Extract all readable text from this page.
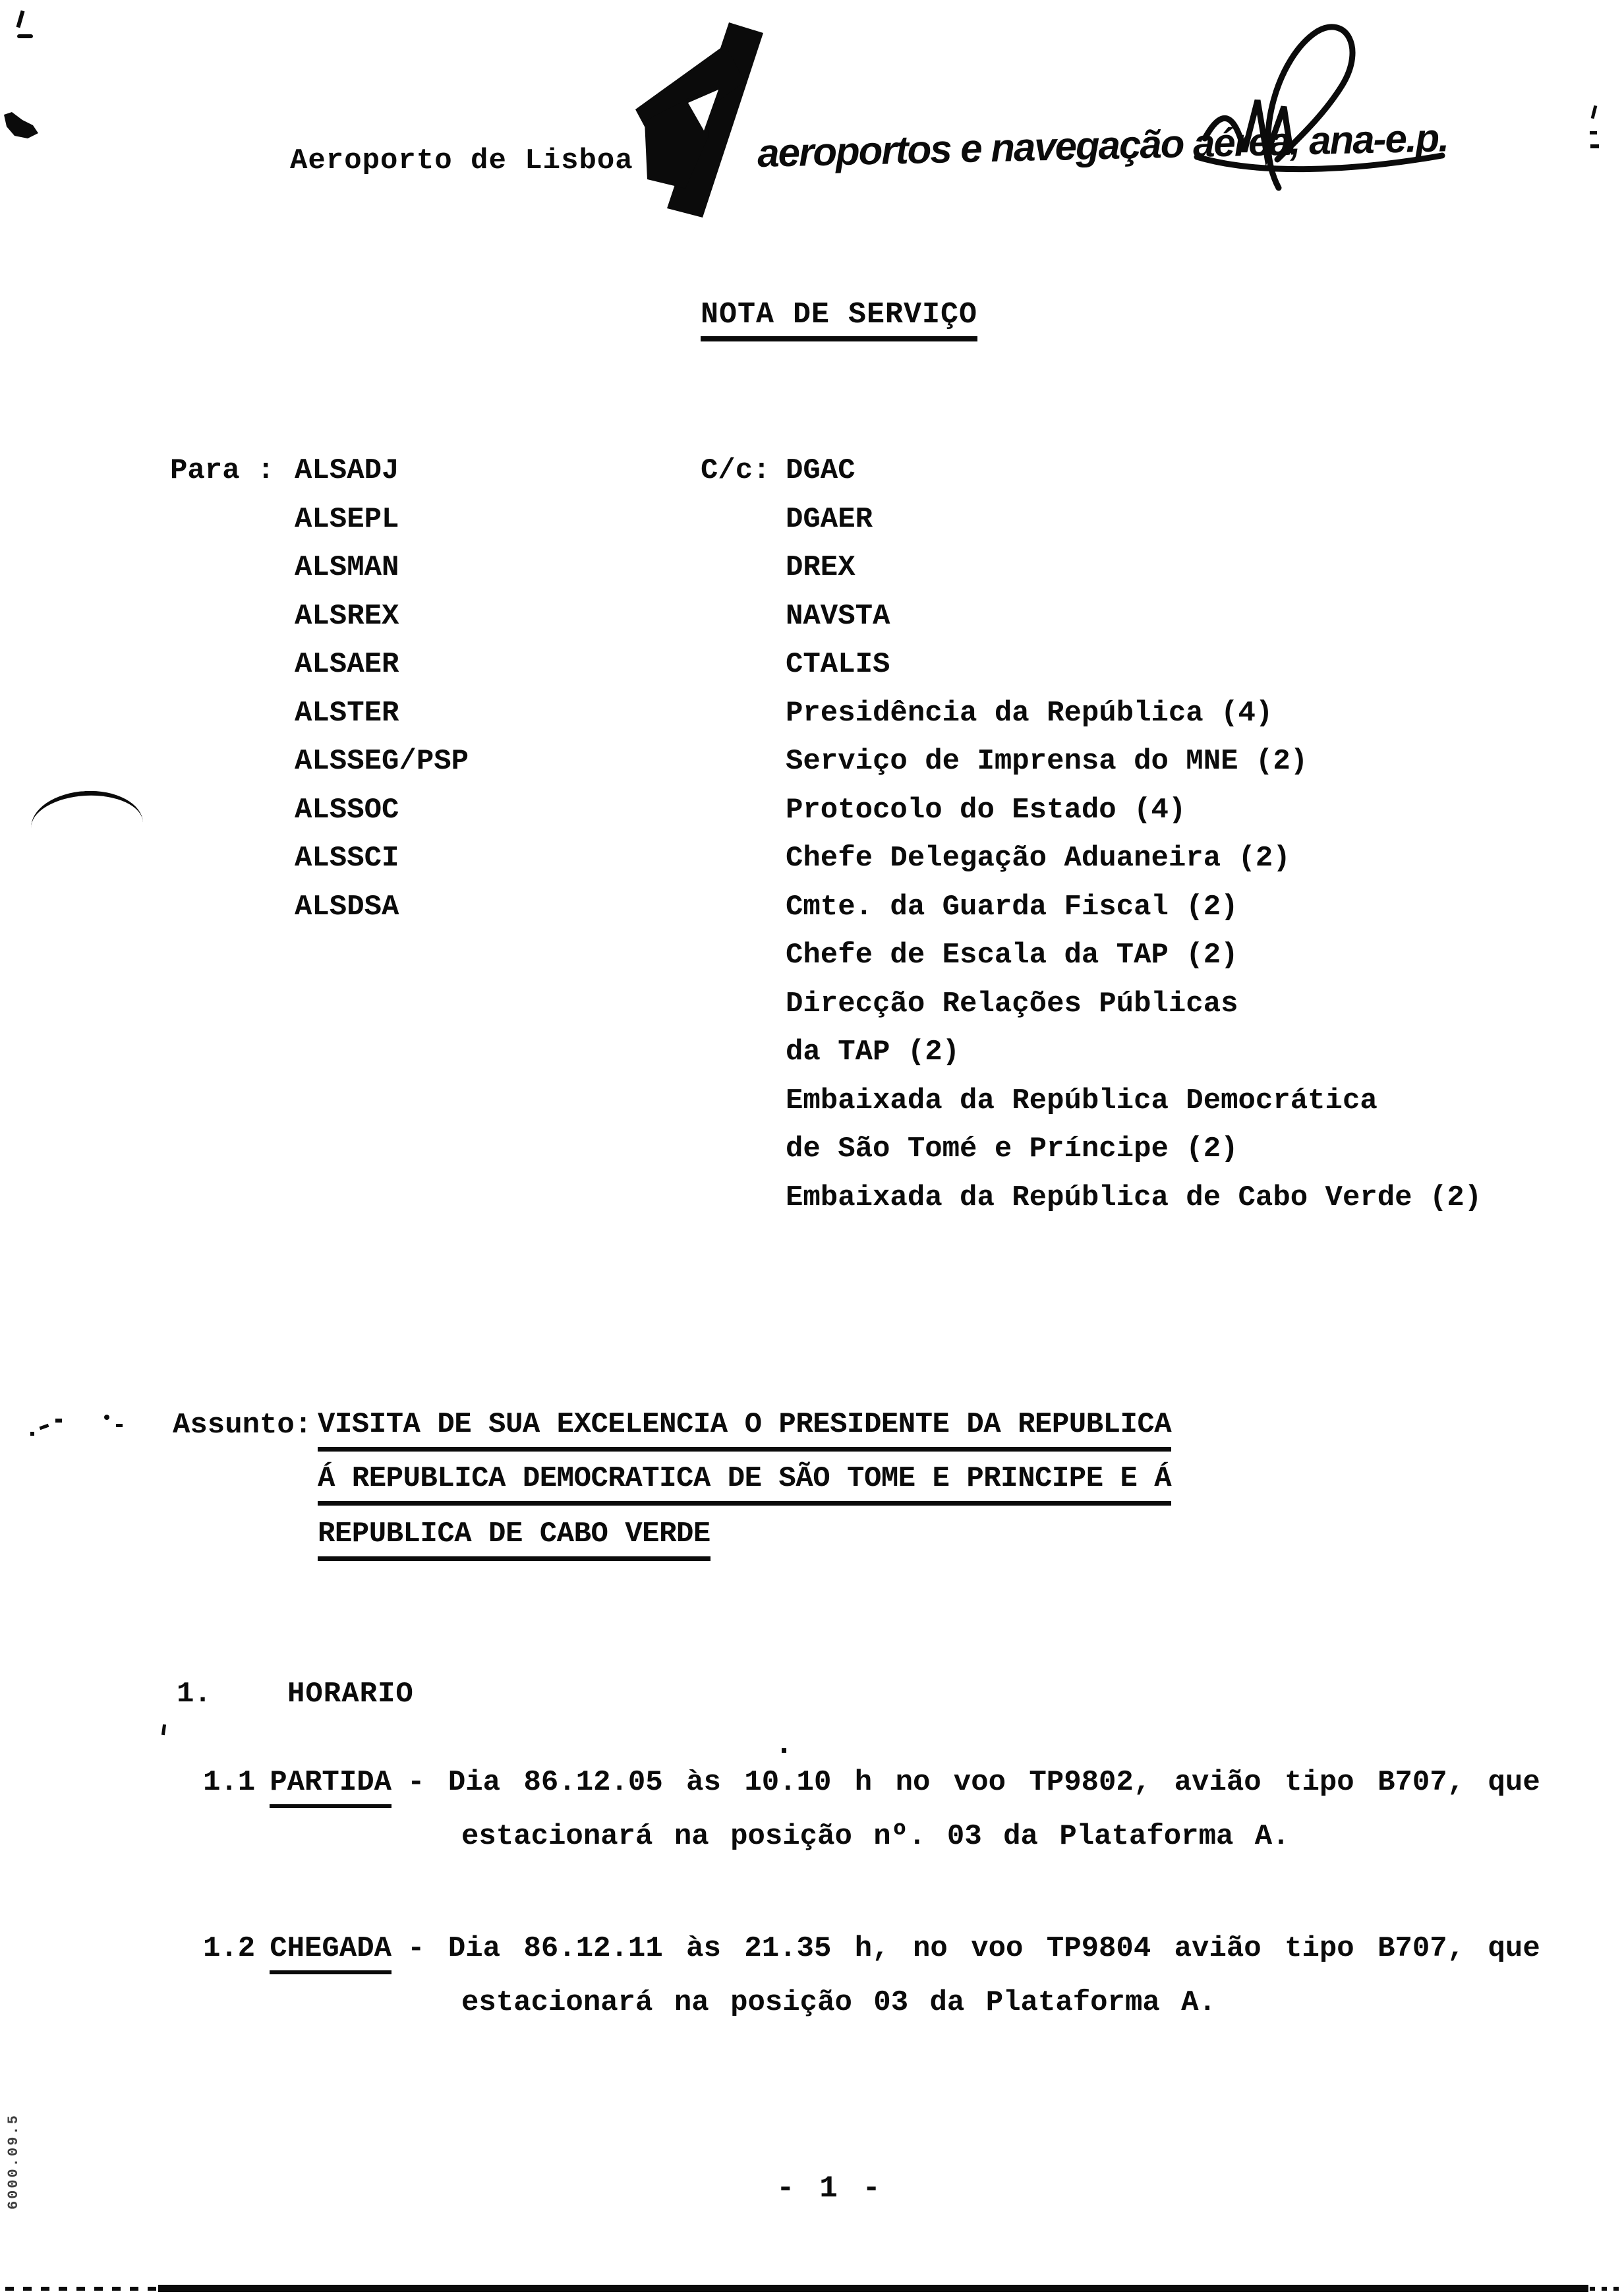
Aeroporto de Lisboa	aeroportos e navegação aérea, ana-e.p.
NOTA DE SERVIÇO
Para : ALSADJ
ALSEPL
ALSMAN
ALSREX
ALSAER
ALSTER
ALSSEG/PSP
ALSSOC
ALSSCI
ALSDSA
C/c: DGAC
DGAER
DREX
NAVSTA
CTALIS
Presidência da República (4)
Serviço de Imprensa do MNE (2)
Protocolo do Estado (4)
Chefe Delegação Aduaneira (2)
Cmte. da Guarda Fiscal (2)
Chefe de Escala da TAP (2)
Direcção Relações Públicas
da TAP (2)
Embaixada da República Democrática
de São Tomé e Príncipe (2)
Embaixada da República de Cabo Verde (2)
Assunto: VISITA DE SUA EXCELENCIA O PRESIDENTE DA REPUBLICA
Á REPUBLICA DEMOCRATICA DE SÃO TOME E PRINCIPE E Á
REPUBLICA DE CABO VERDE
1.	HORARIO
1.1 PARTIDA - Dia 86.12.05 às 10.10 h no voo TP9802, avião tipo B707, que
estacionará na posição nº. 03 da Plataforma A.
1.2 CHEGADA - Dia 86.12.11 às 21.35 h, no voo TP9804 avião tipo B707, que
estacionará na posição 03 da Plataforma A.
- 1 -
6000.09.5
